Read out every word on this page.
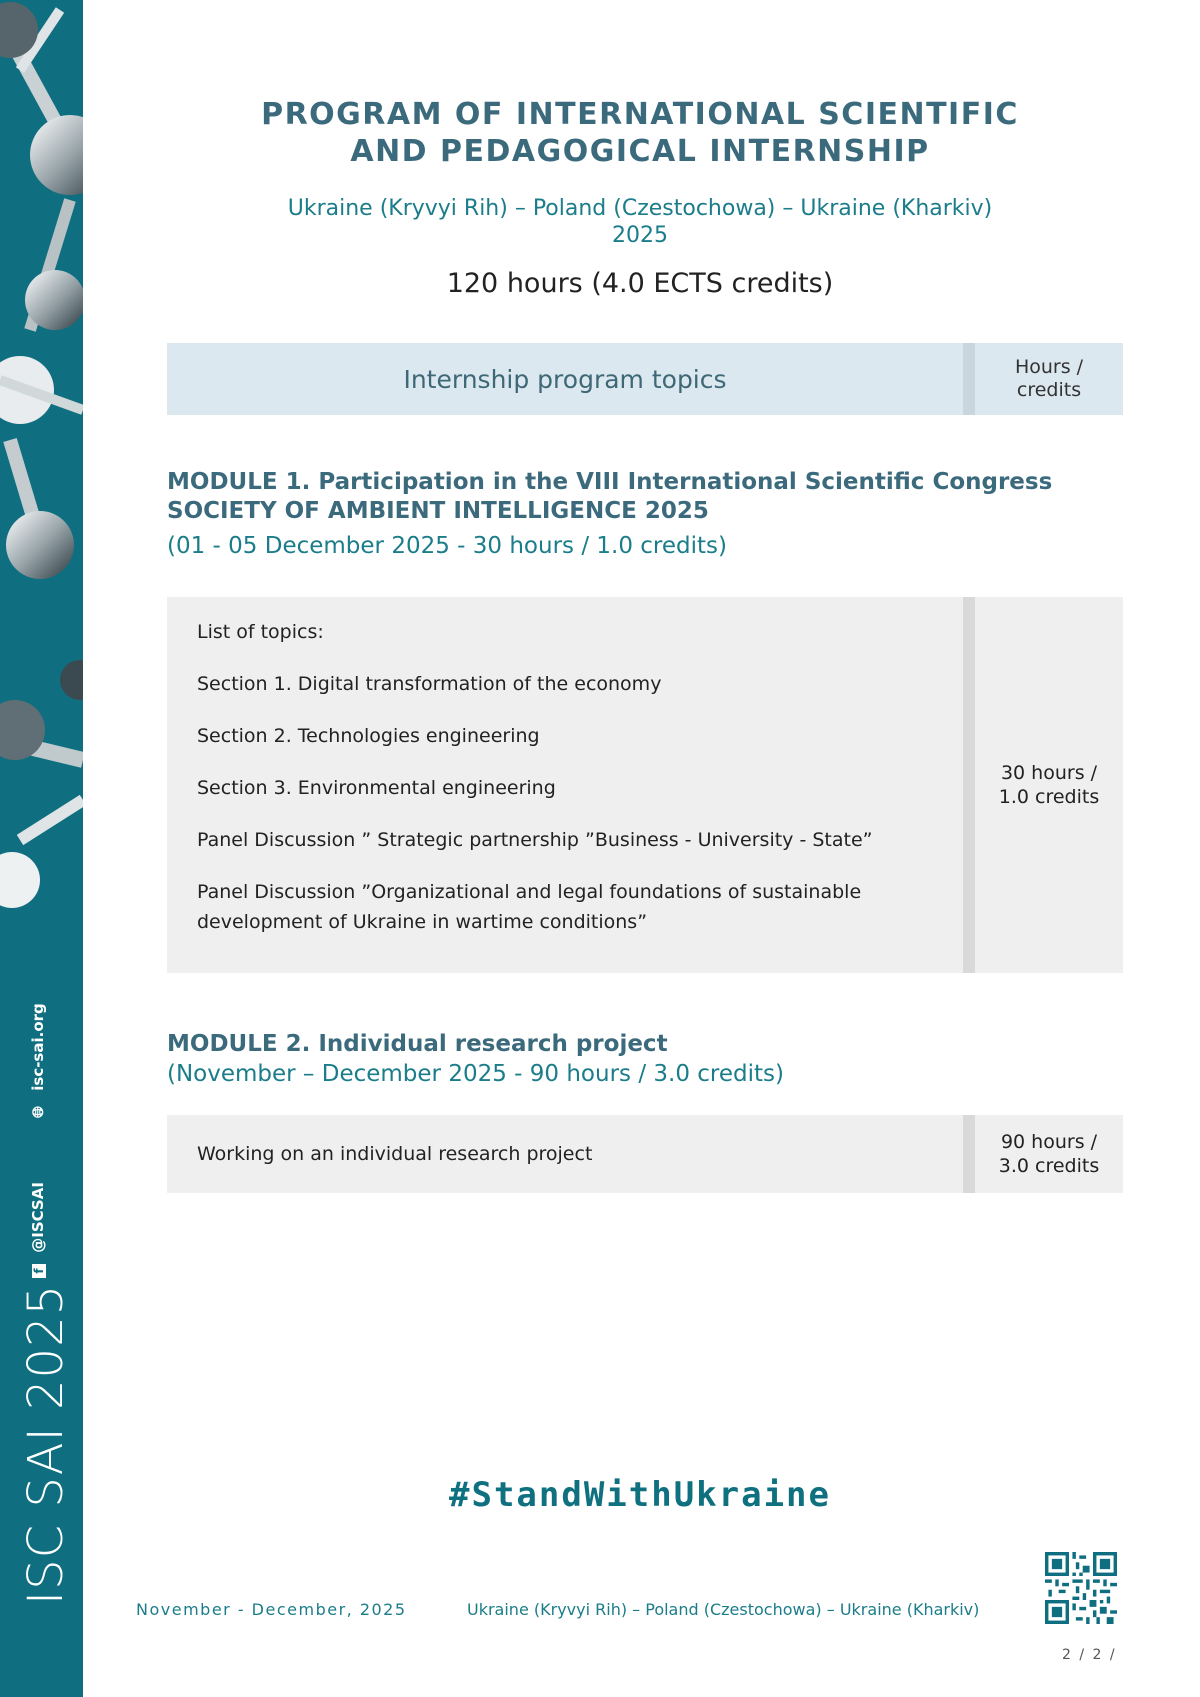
🌐︎ isc-sai.org
f @ISCSAI
ISC SAI 2025
PROGRAM OF INTERNATIONAL SCIENTIFIC
AND PEDAGOGICAL INTERNSHIP
Ukraine (Kryvyi Rih) – Poland (Czestochowa) – Ukraine (Kharkiv)
2025
120 hours (4.0 ECTS credits)
Internship program topics	Hours /
credits
MODULE 1. Participation in the VIII International Scientific Congress
SOCIETY OF AMBIENT INTELLIGENCE 2025
(01 - 05 December 2025 - 30 hours / 1.0 credits)
List of topics:
Section 1. Digital transformation of the economy
Section 2. Technologies engineering
Section 3. Environmental engineering
Panel Discussion ” Strategic partnership ”Business - University - State”
Panel Discussion ”Organizational and legal foundations of sustainable
development of Ukraine in wartime conditions”
30 hours /
1.0 credits
MODULE 2. Individual research project
(November – December 2025 - 90 hours / 3.0 credits)
Working on an individual research project
90 hours /
3.0 credits
#StandWithUkraine
November - December, 2025	Ukraine (Kryvyi Rih) – Poland (Czestochowa) – Ukraine (Kharkiv)
2 / 2 /
